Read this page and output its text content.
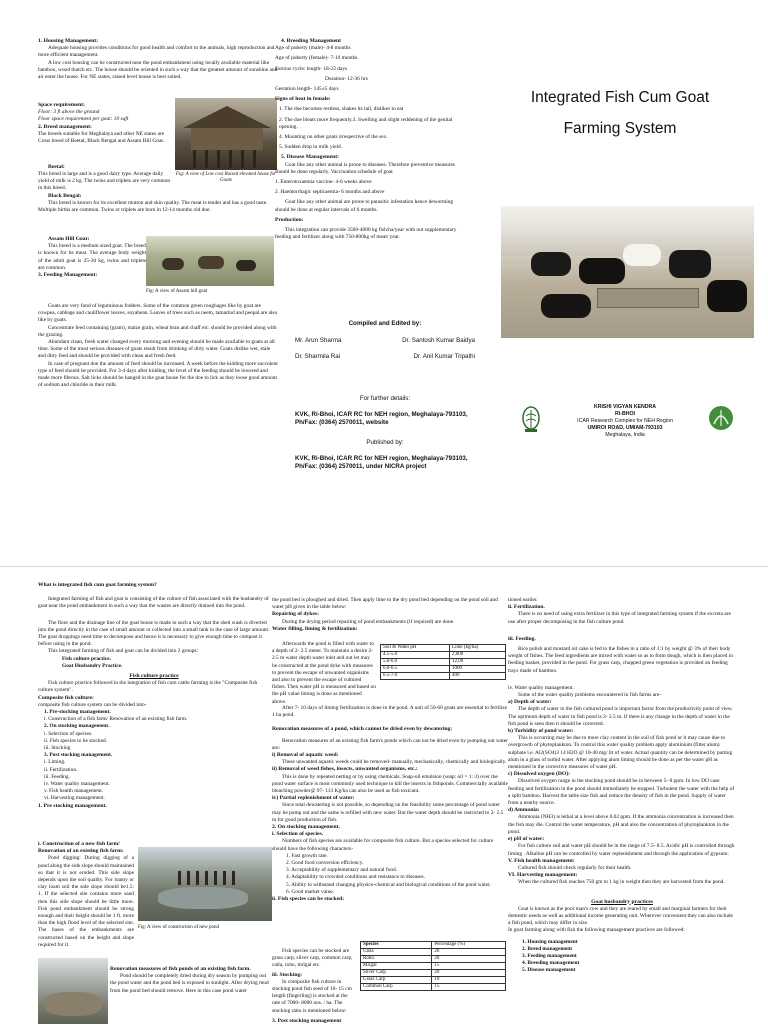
1. Housing Management:

Adequate housing provides conditions for good health and comfort to the animals, high reproduction and more efficient management.

A low cost housing can be constructed near the pond embankment using locally available material like bamboo, wood thatch etc. The house should be oriented in such a way that the greatest amount of sunshine and air enter the house. For NE states, raised level house is best suited.

Space requirement:

Floor: 3 ft above the ground

Floor space requirement per goat: 10 sqft

2. Breed management:

The breeds suitable for Meghalaya and other NE states are Cross breed of Beetal, Black Bengal and Assam Hill Goat.

Fig: A view of Low cost Raised elevated house for Goats

Beetal:

This breed is large and is a good dairy type. Average daily yield of milk is 2 kg. The twins and triplets are very common in this breed.

Black Bengal:

This breed is known for its excellent mutton and skin quality. The meat is tender and has a good taste. Multiple births are common. Twins or triplets are born in 12-14 months old doe.

Assam Hill Goat:

This breed is a medium sized goat. The breed is known for its meat. The average body weight of the adult goat is 25-30 kg, twins and triplets are common.

3. Feeding Management:

Fig: A view of Assam hill goat

Goats are very fond of leguminous fodders. Some of the common green roughages like by goat are cowpea, cabbage and cauliflower leaves, soyabean. Leaves of trees such as neem, tamarind and peepal are also like by goats.

Concentrate feed containing (gram), maize grain, wheat bran and chaff etc. should be provided along with the grazing.

Abundant clean, fresh water changed every morning and evening should be made available to goats at all time. Some of the most serious diseases of goats result from drinking of dirty water. Goats dislike wet, stale and dirty feed and should be provided with clean and fresh feed.

In case of pregnant doe the amount of feed should be increased. A week before the kidding more succulent type of feed should be provided. For 3-4 days after kidding, the level of the feeding should be lowered and made more fibrous. Salt licks should be hanged in the goat house for the doe to lick as they loose good amount of sodium and chloride in their milk.

4. Breeding Management

Age of puberty (male)- 4-8 months

Age of puberty (female)- 7-10 months

Estrous cycle: length- 18-22 days

Duration- 12-36 hrs

Gestation length- 145±5 days

Signs of heat in female:

1. The doe becomes restless, shakes its tail, dislikes to eat

2. The doe bleats more frequently.3. Swelling and slight reddening of the genital opening.

4. Mounting on other goats irrespective of the sex.

5. Sudden drop in milk yield.

5. Disease Management:

Goat like any other animal is prone to diseases. Therefore preventive measures should be done regularly. Vaccination schedule of goat

1. Enterotoxaemia vaccine- 4-6 weeks above

2. Haemorrhagic septicaemia- 6 months and above

Goat like any other animal are prone to parasitic infestation hence deworming should be done at regular intervals of 6 months.

Production:

This integration can provide 3500-4000 kg fish/ha/year with out supplementary feeding and fertilizer along with 750-800kg of meat/ year.

Compiled and Edited by:

Mr. Arun Sharma	Dr. Santosh Kumar Baidya
Dr. Sharmila Rai	Dr. Anil Kumar Tripathi

For further details:

KVK, Ri-Bhoi, ICAR RC for NEH region, Meghalaya-793103, Ph/Fax: (0364) 2570011, website

Published by:

KVK, Ri-Bhoi, ICAR RC for NEH region, Meghalaya-793103, Ph/Fax: (0364) 2570011, under NICRA project

Integrated Fish Cum Goat
Farming System
KRISHI VIGYAN KENDRA
RI-BHOI
ICAR Research Complex for NEH Region
UMIROI ROAD, UMIAM-793103
Meghalaya, India

What is integrated fish cum goat farming system?

Integrated farming of fish and goat is consisting of the culture of fish associated with the husbandry of goat near the pond embankment in such a way that the wastes are directly drained into the pond.

The floor and the drainage line of the goat house is made in such a way that the shed wash is diverted into the pond directly in the case of small amount or collected into a small tank in the case of large amount. The goat droppings need time to decompose and hence it is necessary to give enough time to compost it before using in the pond.

This integrated farming of fish and goat can be divided into 2 groups:

Fish culture practice.
Goat Husbandry Practice.

Fish culture practice

Fish culture practice followed in the integration of fish cum cattle farming is the "Composite fish culture system".

Composite fish culture:

composite fish culture system can be divided into-

1. Pre-stocking management.

i. Construction of a fish farm/ Renovation of an existing fish farm.

2. On stocking management.

i. Selection of species.

ii. Fish species to be stocked.

iii. Stocking

3. Post stocking management.

i. Liming.

ii. Fertilization.

iii. Feeding.

iv. Water quality management.

v. Fish health management.

vi. Harvesting management.

1. Pre stocking management.

i. Construction of a new fish farm/ Renovation of an existing fish farm:

Pond digging: During digging of a pond along the side slope should maintained so that it is not eroded. This side slope depends upon the soil quality. For loamy or clay loam soil the side slope should be1.5: 1. If the selected site contains more sand then this side slope should be little more. Fish pond embankment should be strong enough and their height should be 1 ft. more than the high flood level of the selected site. The bases of the embankments are constructed based on the height and slope required for it.

Fig: A view of construction of new pond

Renovation measures of fish ponds of an existing fish farm.

Pond should be completely dried during dry season by pumping out the pond water and the pond bed is exposed to sunlight. After drying mud from the pond bed should remove. Here in this case pond water

the pond bed is ploughed and dried. Then apply lime to the dry pond bed depending on the pond soil and water pH given in the table below:

Repairing of dykes:

During the drying period repairing of pond embankments (if required) are done.

Water filling, liming & fertilization:

Afterwards the pond is filled with water to a depth of 2- 2.5 meter. To maintain a desire 2-2.5 m water depth water inlet and out let may be constructed at the pond dyke with measures to prevent the escape of unwanted organisms and also to prevent the escape of cultured fishes. Then water pH is measured and based on the pH value liming is done as mentioned above.

Soil & Water pH	Lime (kg/ha)
4.5-5.0	2,000
5.0-6.0	12,00
6.0-6.5	1000
6.5-7.0	400

After 7- 10 days of liming fertilization is done in the pond. A unit of 50-60 goats are essential to fertilize 1 ha pond.

Renovation measures of a pond, which cannot be dried even by dewatering:

Renovation measures of an existing fish farm's ponds which can not be dried even by pumping out water are:

i) Removal of aquatic weed:

These unwanted aquatic weeds could be removed- manually, mechanically, chemically and biologically.

ii) Removal of weed fishes, insects, unwanted organisms, etc.:

This is done by repeated netting or by using chemicals. Soap-oil emulsion (soap: oil = 1: 3) over the pond water surface is most commonly used technique to kill the insects in fishponds. Commercially available bleaching powder@ 97- 113 Kg/ha can also be used as fish toxicant.

iv) Partial replenishment of water:

Since total dewatering is not possible, so depending on the feasibility some percentage of pond water may be pump out and the same is refilled with new water. But the water depth should be restricted to 2- 2.5 m for good production of fish.

2. On stocking management.

i. Selection of species.

Numbers of fish species are available for composite fish culture. But a species selected for culture should have the following characters-

1. Fast growth rate.

2. Good food conversion efficiency.

3. Acceptability of supplementary and natural food.

4. Adaptability to crowded conditions and resistance to diseases.

5. Ability to withstand changing physico-chemical and biological conditions of the pond water.

6. Good market value.

ii. Fish species can be stocked:

Fish species can be stocked are grass carp, silver carp, common carp, catla, rohu, mrigal etc.

iii. Stocking:

In composite fish culture in stocking pond fish seed of 10- 15 cm length (fingerling) is stocked at the rate of 7000- 8000 nos. / ha. The stocking ratio is mentioned below:

Species	Percentage (%)
Catla	20
Rohu	20
Mrigal	15
Silver Carp	20
Grass Carp	10
Common Carp	15

3. Post stocking management

tioned earlier.

ii. Fertilization.

There is no need of using extra fertilizer in this type of integrated farming system if the excreta are use after proper decomposing in the fish culture pond.

iii. Feeding.

Rice polish and mustard oil cake is fed to the fishes in a ratio of 1:1 by weight @ 3% of their body weight of fishes. The feed ingredients are mixed with water so as to form dough, which is then placed in feeding basket, provided in the pond. For grass carp, chopped green vegetation is provided on feeding trays made of bamboo.

iv. Water quality management.

Some of the water quality problems encountered in fish farms are-

a) Depth of water:

The depth of water in the fish cultured pond is important factor from the productivity point of view. The optimum depth of water in fish pond is 2- 2.5 m. If there is any change in the depth of water in the fish pond is seen then it should be corrected.

b) Turbidity of pond water:

This is occurring may be due to more clay content in the soil of fish pond or it may cause due to overgrowth of phytoplankton. To control this water quality problem apply aluminium (filter alum) sulphate i.e. Al2(SO4)3 14 H2O @ 10-40 mg/ lit of water. Actual quantity can be determined by putting alum in a glass of turbid water. After applying alum liming should be done as per the water pH as mentioned in the corrective measures of water pH.

c) Dissolved oxygen (DO):

Dissolved oxygen range in the stocking pond should be in between 5- 8 ppm. In low DO case feeding and fertilization in the pond should immediately be stopped. Turbulent the water with the help of a split bamboo. Harvest the table size fish and reduce the density of fish in the pond. Supply of water from a nearby source.

d) Ammonia:

Ammonia (NH3) is lethal at a level above 0.02 ppm. If the ammonia concentration is increased then the fish may die. Control the water temperature, pH and also the concentration of phytoplankton in the pond.

e) pH of water:

For fish culture soil and water pH should be in the range of 7.5- 8.5. Acidic pH is controlled through liming . Alkaline pH can be controlled by water replenishment and through the application of gypsum.

V. Fish health management:

Cultured fish should check regularly for their health.

VI. Harvesting management:

When the cultured fish reaches 750 gm to 1 kg in weight then they are harvested from the pond.

Goat husbandry practices

Goat is known as the poor man's cow and they are reared by small and marginal farmers for their domestic needs as well as additional income generating unit. Wherever convenient they can also include a fish pond, which may differ in size.

In goat farming along with fish the following management practices are followed:

1. Housing management

2. Breed management

3. Feeding management

4. Breeding management

5. Disease management
